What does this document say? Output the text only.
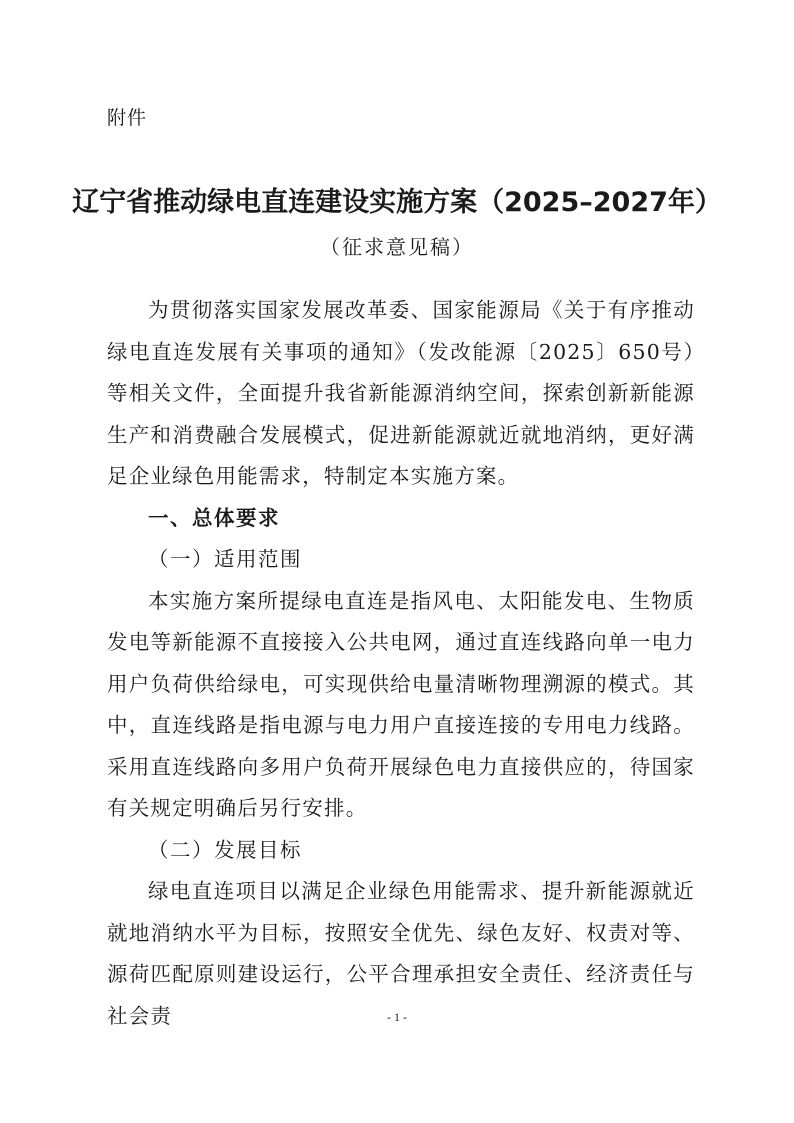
附件
辽宁省推动绿电直连建设实施方案（2025–2027年）
（征求意见稿）

为贯彻落实国家发展改革委、国家能源局《关于有序推动绿电直连发展有关事项的通知》（发改能源〔2025〕650号）等相关文件，全面提升我省新能源消纳空间，探索创新新能源生产和消费融合发展模式，促进新能源就近就地消纳，更好满足企业绿色用能需求，特制定本实施方案。

一、总体要求

（一）适用范围

本实施方案所提绿电直连是指风电、太阳能发电、生物质发电等新能源不直接接入公共电网，通过直连线路向单一电力用户负荷供给绿电，可实现供给电量清晰物理溯源的模式。其中，直连线路是指电源与电力用户直接连接的专用电力线路。采用直连线路向多用户负荷开展绿色电力直接供应的，待国家有关规定明确后另行安排。

（二）发展目标

绿电直连项目以满足企业绿色用能需求、提升新能源就近就地消纳水平为目标，按照安全优先、绿色友好、权责对等、源荷匹配原则建设运行，公平合理承担安全责任、经济责任与社会责	- 1 -
